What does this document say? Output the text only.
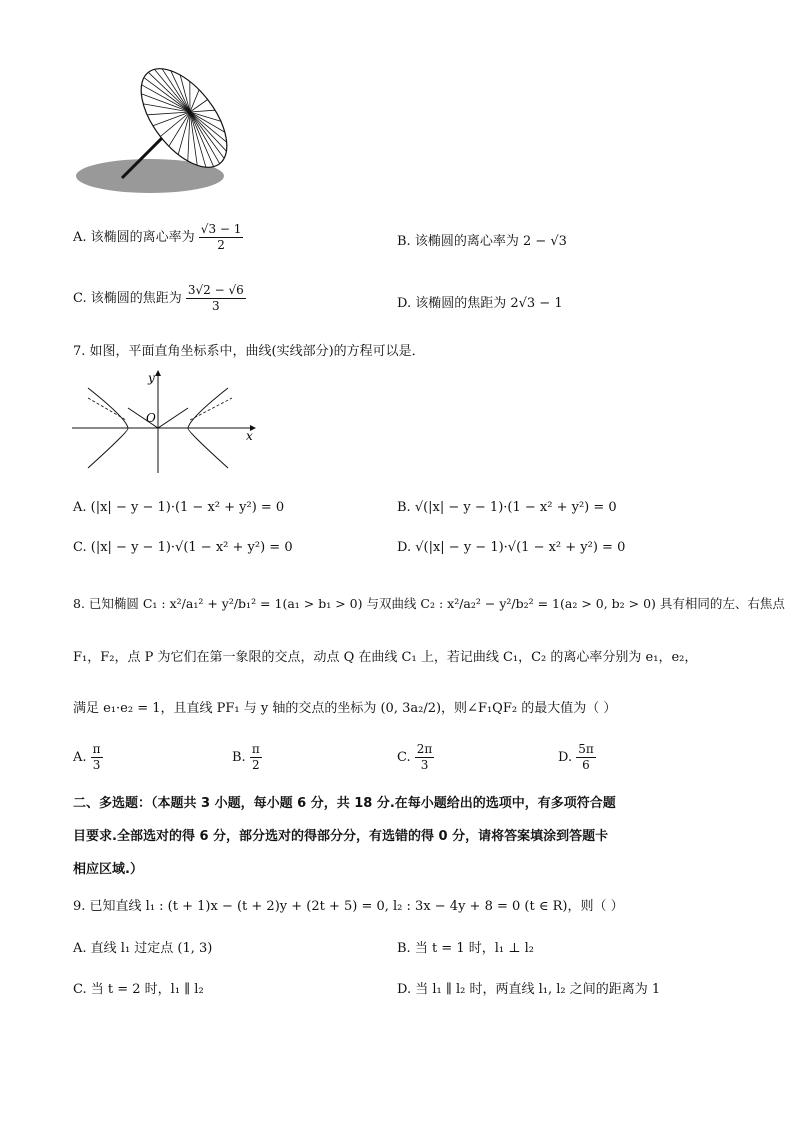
A. 该椭圆的离心率为 $\frac{√3 - 1}{2}$	B. 该椭圆的离心率为 2 − √3
C. 该椭圆的焦距为 $\frac{3√2 - √6}{3}$	D. 该椭圆的焦距为 2√3 − 1
7. 如图，平面直角坐标系中，曲线(实线部分)的方程可以是．
y
O
x
A. (|x| − y − 1)·(1 − x² + y²) = 0	B. √(|x| − y − 1)·(1 − x² + y²) = 0
C. (|x| − y − 1)·√(1 − x² + y²) = 0	D. √(|x| − y − 1)·√(1 − x² + y²) = 0
8. 已知椭圆 C₁ : x²/a₁² + y²/b₁² = 1(a₁ > b₁ > 0) 与双曲线 C₂ : x²/a₂² − y²/b₂² = 1(a₂ > 0, b₂ > 0) 具有相同的左、右焦点
F₁，F₂，点 P 为它们在第一象限的交点，动点 Q 在曲线 C₁ 上，若记曲线 C₁，C₂ 的离心率分别为 e₁，e₂，
满足 e₁·e₂ = 1，且直线 PF₁ 与 y 轴的交点的坐标为 (0, 3a₂/2)，则∠F₁QF₂ 的最大值为（ ）
A. $\frac{\pi}{3}$	B. $\frac{\pi}{2}$	C. $\frac{2\pi}{3}$	D. $\frac{5\pi}{6}$
二、多选题：（本题共 3 小题，每小题 6 分，共 18 分.在每小题给出的选项中，有多项符合题
目要求.全部选对的得 6 分，部分选对的得部分分，有选错的得 0 分，请将答案填涂到答题卡
相应区域.）
9. 已知直线 l₁ : (t + 1)x − (t + 2)y + (2t + 5) = 0, l₂ : 3x − 4y + 8 = 0 (t ∈ R)，则（ ）
A. 直线 l₁ 过定点 (1, 3)	B. 当 t = 1 时，l₁ ⊥ l₂
C. 当 t = 2 时，l₁ ∥ l₂	D. 当 l₁ ∥ l₂ 时，两直线 l₁, l₂ 之间的距离为 1
